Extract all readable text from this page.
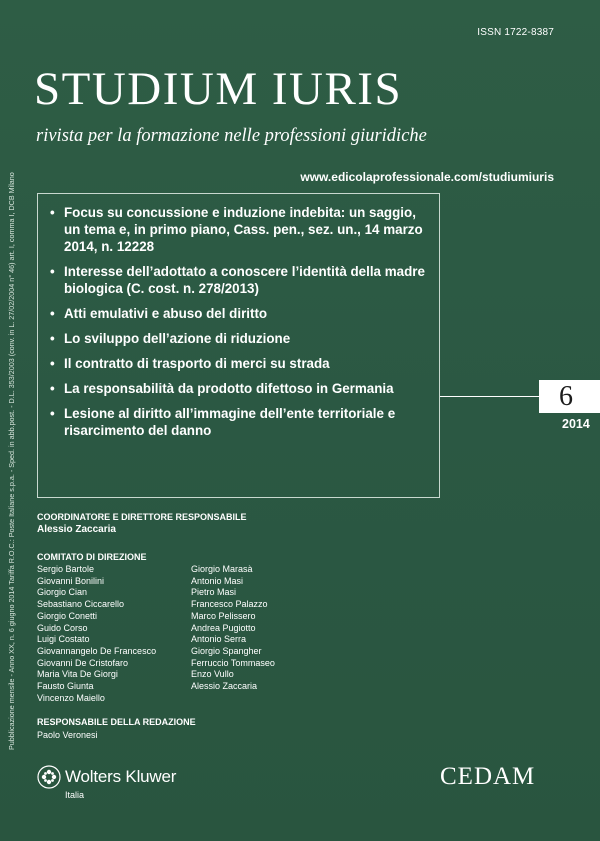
ISSN 1722-8387
STUDIUM IURIS
rivista per la formazione nelle professioni giuridiche
www.edicolaprofessionale.com/studiumiuris
Pubblicazione mensile - Anno XX, n. 6 giugno 2014 Tariffa R.O.C.: Poste Italiane s.p.a. - Sped. in abb.post. - D.L. 353/2003 (conv. in L. 27/02/2004 n° 46) art. I, comma I, DCB Milano	• Focus su concussione e induzione indebita: un saggio, un tema e, in primo piano, Cass. pen., sez. un., 14 marzo 2014, n. 12228
• Interesse dell’adottato a conoscere l’identità della madre biologica (C. cost. n. 278/2013)
• Atti emulativi e abuso del diritto
• Lo sviluppo dell’azione di riduzione
• Il contratto di trasporto di merci su strada
• La responsabilità da prodotto difettoso in Germania
• Lesione al diritto all’immagine dell’ente territoriale e risarcimento del danno
6
2014
COORDINATORE E DIRETTORE RESPONSABILE
Alessio Zaccaria
COMITATO DI DIREZIONE
Sergio Bartole
Giovanni Bonilini
Giorgio Cian
Sebastiano Ciccarello
Giorgio Conetti
Guido Corso
Luigi Costato
Giovannangelo De Francesco
Giovanni De Cristofaro
Maria Vita De Giorgi
Fausto Giunta
Vincenzo Maiello
Giorgio Marasà
Antonio Masi
Pietro Masi
Francesco Palazzo
Marco Pelissero
Andrea Pugiotto
Antonio Serra
Giorgio Spangher
Ferruccio Tommaseo
Enzo Vullo
Alessio Zaccaria
RESPONSABILE DELLA REDAZIONE
Paolo Veronesi
Wolters Kluwer
Italia
CEDAM
